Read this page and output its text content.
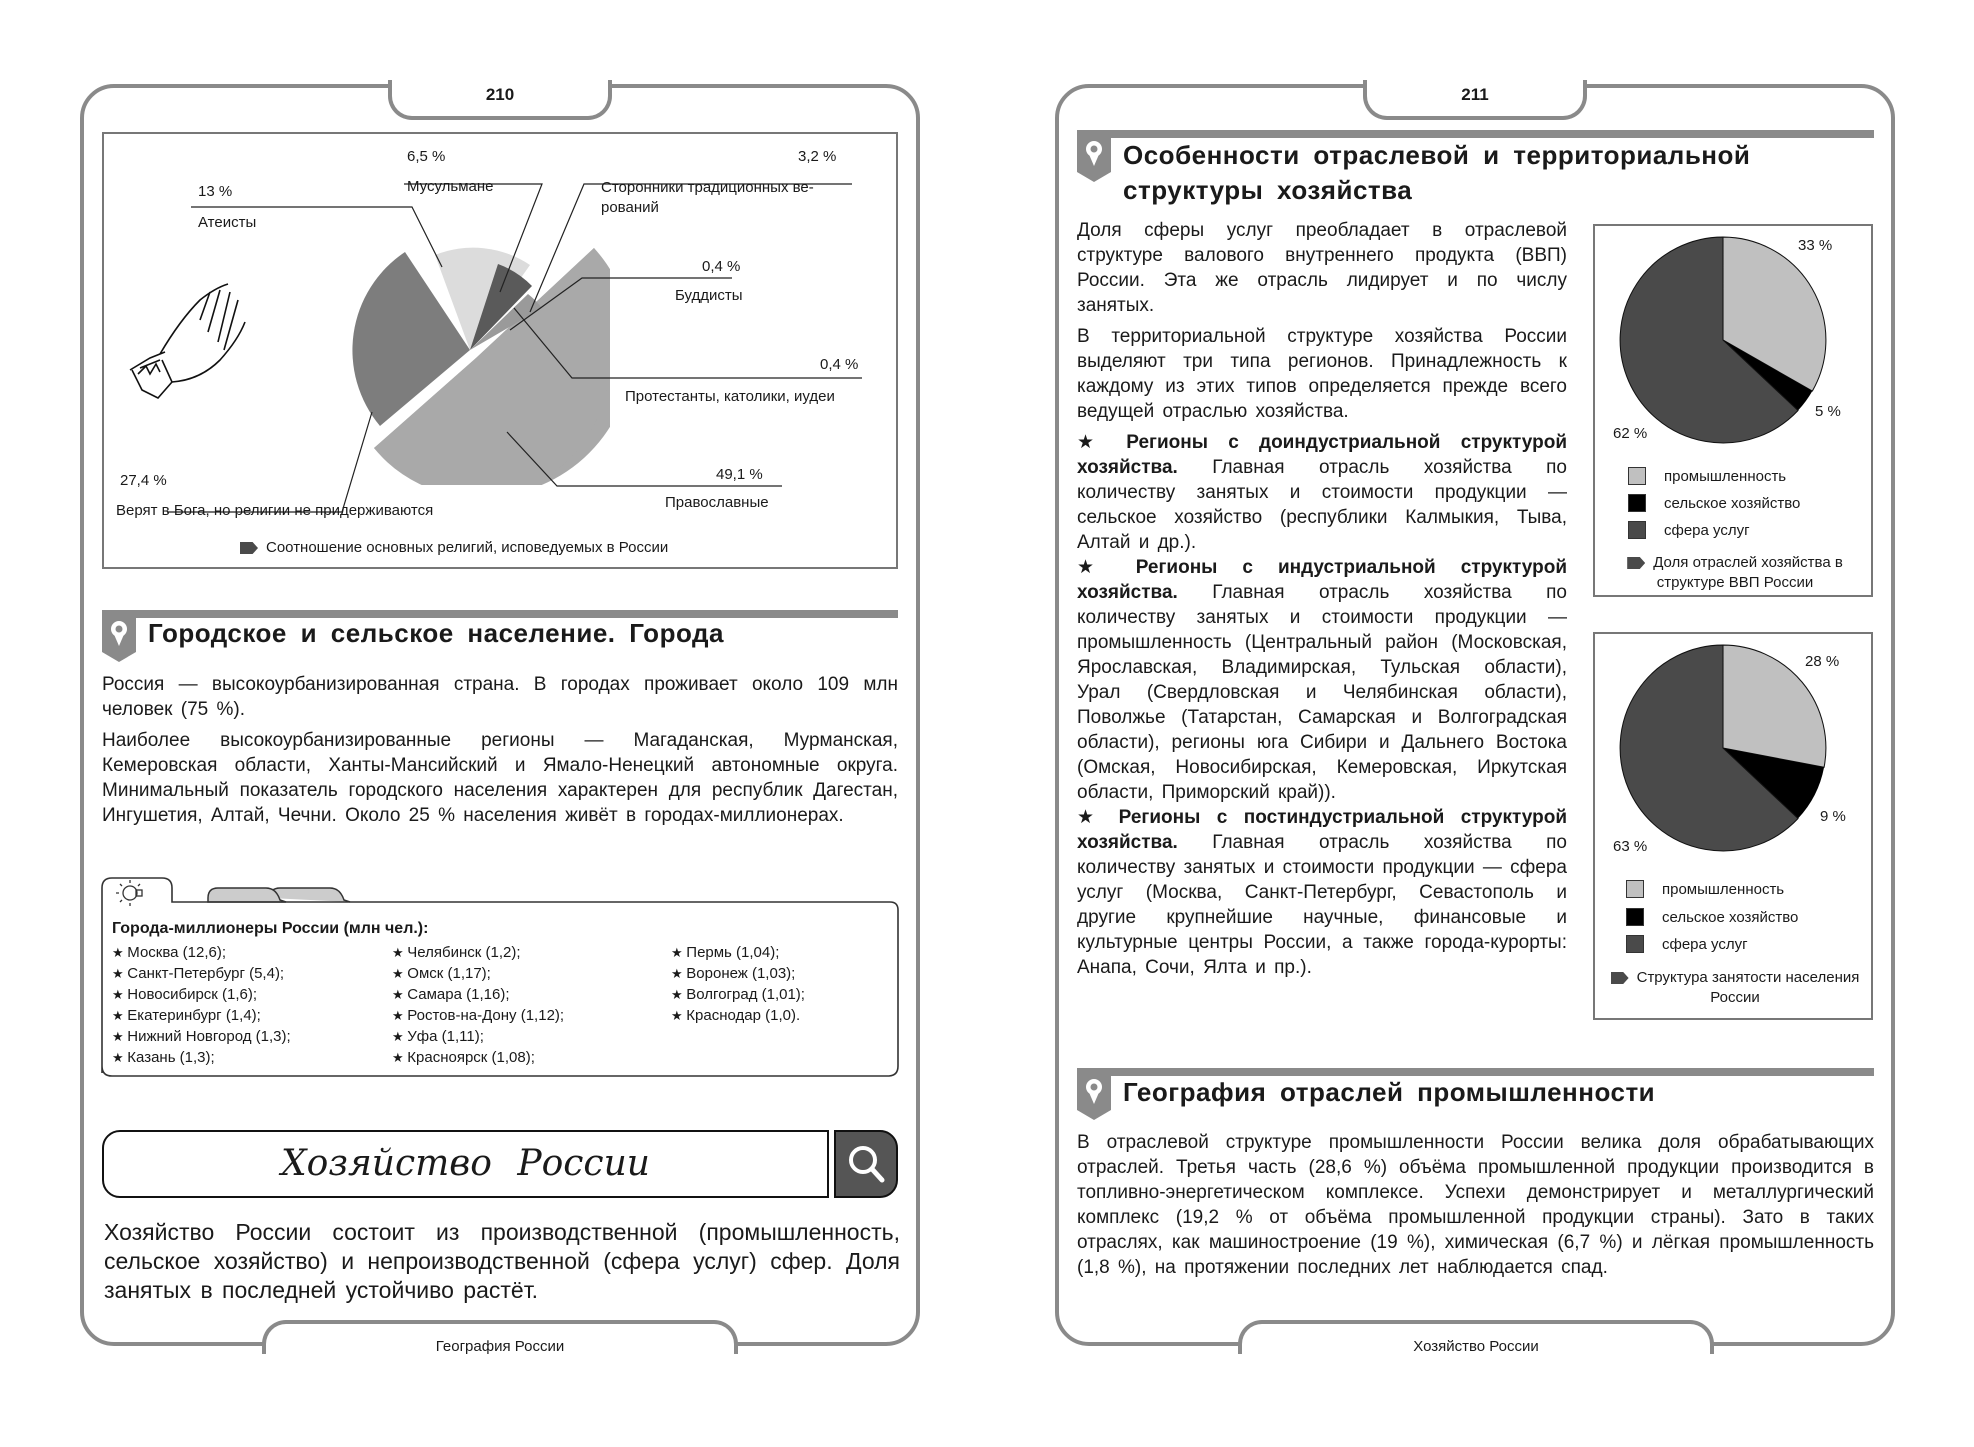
210
География России
6,5 %
Мусульмане
3,2 %
Сторонники традиционных ве-
рований
13 %
Атеисты
0,4 %
Буддисты
0,4 %
Протестанты, католики, иудеи
27,4 %
Верят в Бога, но религии не придерживаются
49,1 %
Православные
Соотношение основных религий, исповедуемых в России
Городское и сельское население. Города

Россия — высокоурбанизированная страна. В городах проживает около 109 млн человек (75 %).

Наиболее высокоурбанизированные регионы — Магаданская, Мурманская, Кемеровская области, Ханты-Мансийский и Ямало-Ненецкий автономные округа. Минимальный показатель городского населения характерен для республик Дагестан, Ингушетия, Алтай, Чечни. Около 25 % населения живёт в городах-миллионерах.

Города-миллионеры России (млн чел.):
★ Москва (12,6);
★ Санкт-Петербург (5,4);
★ Новосибирск (1,6);
★ Екатеринбург (1,4);
★ Нижний Новгород (1,3);
★ Казань (1,3);
★ Челябинск (1,2);
★ Омск (1,17);
★ Самара (1,16);
★ Ростов-на-Дону (1,12);
★ Уфа (1,11);
★ Красноярск (1,08);
★ Пермь (1,04);
★ Воронеж (1,03);
★ Волгоград (1,01);
★ Краснодар (1,0).
Хозяйство России
Хозяйство России состоит из производственной (промышленность, сельское хозяйство) и непроизводственной (сфера услуг) сфер. Доля занятых в последней устойчиво растёт.
211
Хозяйство России
Особенности отраслевой и территориальной
структуры хозяйства

Доля сферы услуг преобладает в отраслевой структуре валового внутреннего продукта (ВВП) России. Эта же отрасль лидирует и по числу занятых.

В территориальной структуре хозяйства России выделяют три типа регионов. Принадлежность к каждому из этих типов определяется прежде всего ведущей отраслью хозяйства.

★ Регионы с доиндустриальной структурой хозяйства. Главная отрасль хозяйства по количеству занятых и стоимости продукции — сельское хозяйство (республики Калмыкия, Тыва, Алтай и др.).
★ Регионы с индустриальной структурой хозяйства. Главная отрасль хозяйства по количеству занятых и стоимости продукции — промышленность (Центральный район (Московская, Ярославская, Владимирская, Тульская области), Урал (Свердловская и Челябинская области), Поволжье (Татарстан, Самарская и Волгоградская области), регионы юга Сибири и Дальнего Востока (Омская, Новосибирская, Кемеровская, Иркутская области, Приморский край)).
★ Регионы с постиндустриальной структурой хозяйства. Главная отрасль хозяйства по количеству занятых и стоимости продукции — сфера услуг (Москва, Санкт-Петербург, Севастополь и другие крупнейшие научные, финансовые и культурные центры России, а также города-курорты: Анапа, Сочи, Ялта и пр.).
33 %
5 %
62 %
промышленность
сельское хозяйство
сфера услуг
Доля отраслей хозяйства в структуре ВВП России
28 %
9 %
63 %
промышленность
сельское хозяйство
сфера услуг
Структура занятости населения России
География отраслей промышленности
В отраслевой структуре промышленности России велика доля обрабатывающих отраслей. Третья часть (28,6 %) объёма промышленной продукции производится в топливно-энергетическом комплексе. Успехи демонстрирует и металлургический комплекс (19,2 % от объёма промышленной продукции страны). Зато в таких отраслях, как машиностроение (19 %), химическая (6,7 %) и лёгкая промышленность (1,8 %), на протяжении последних лет наблюдается спад.
